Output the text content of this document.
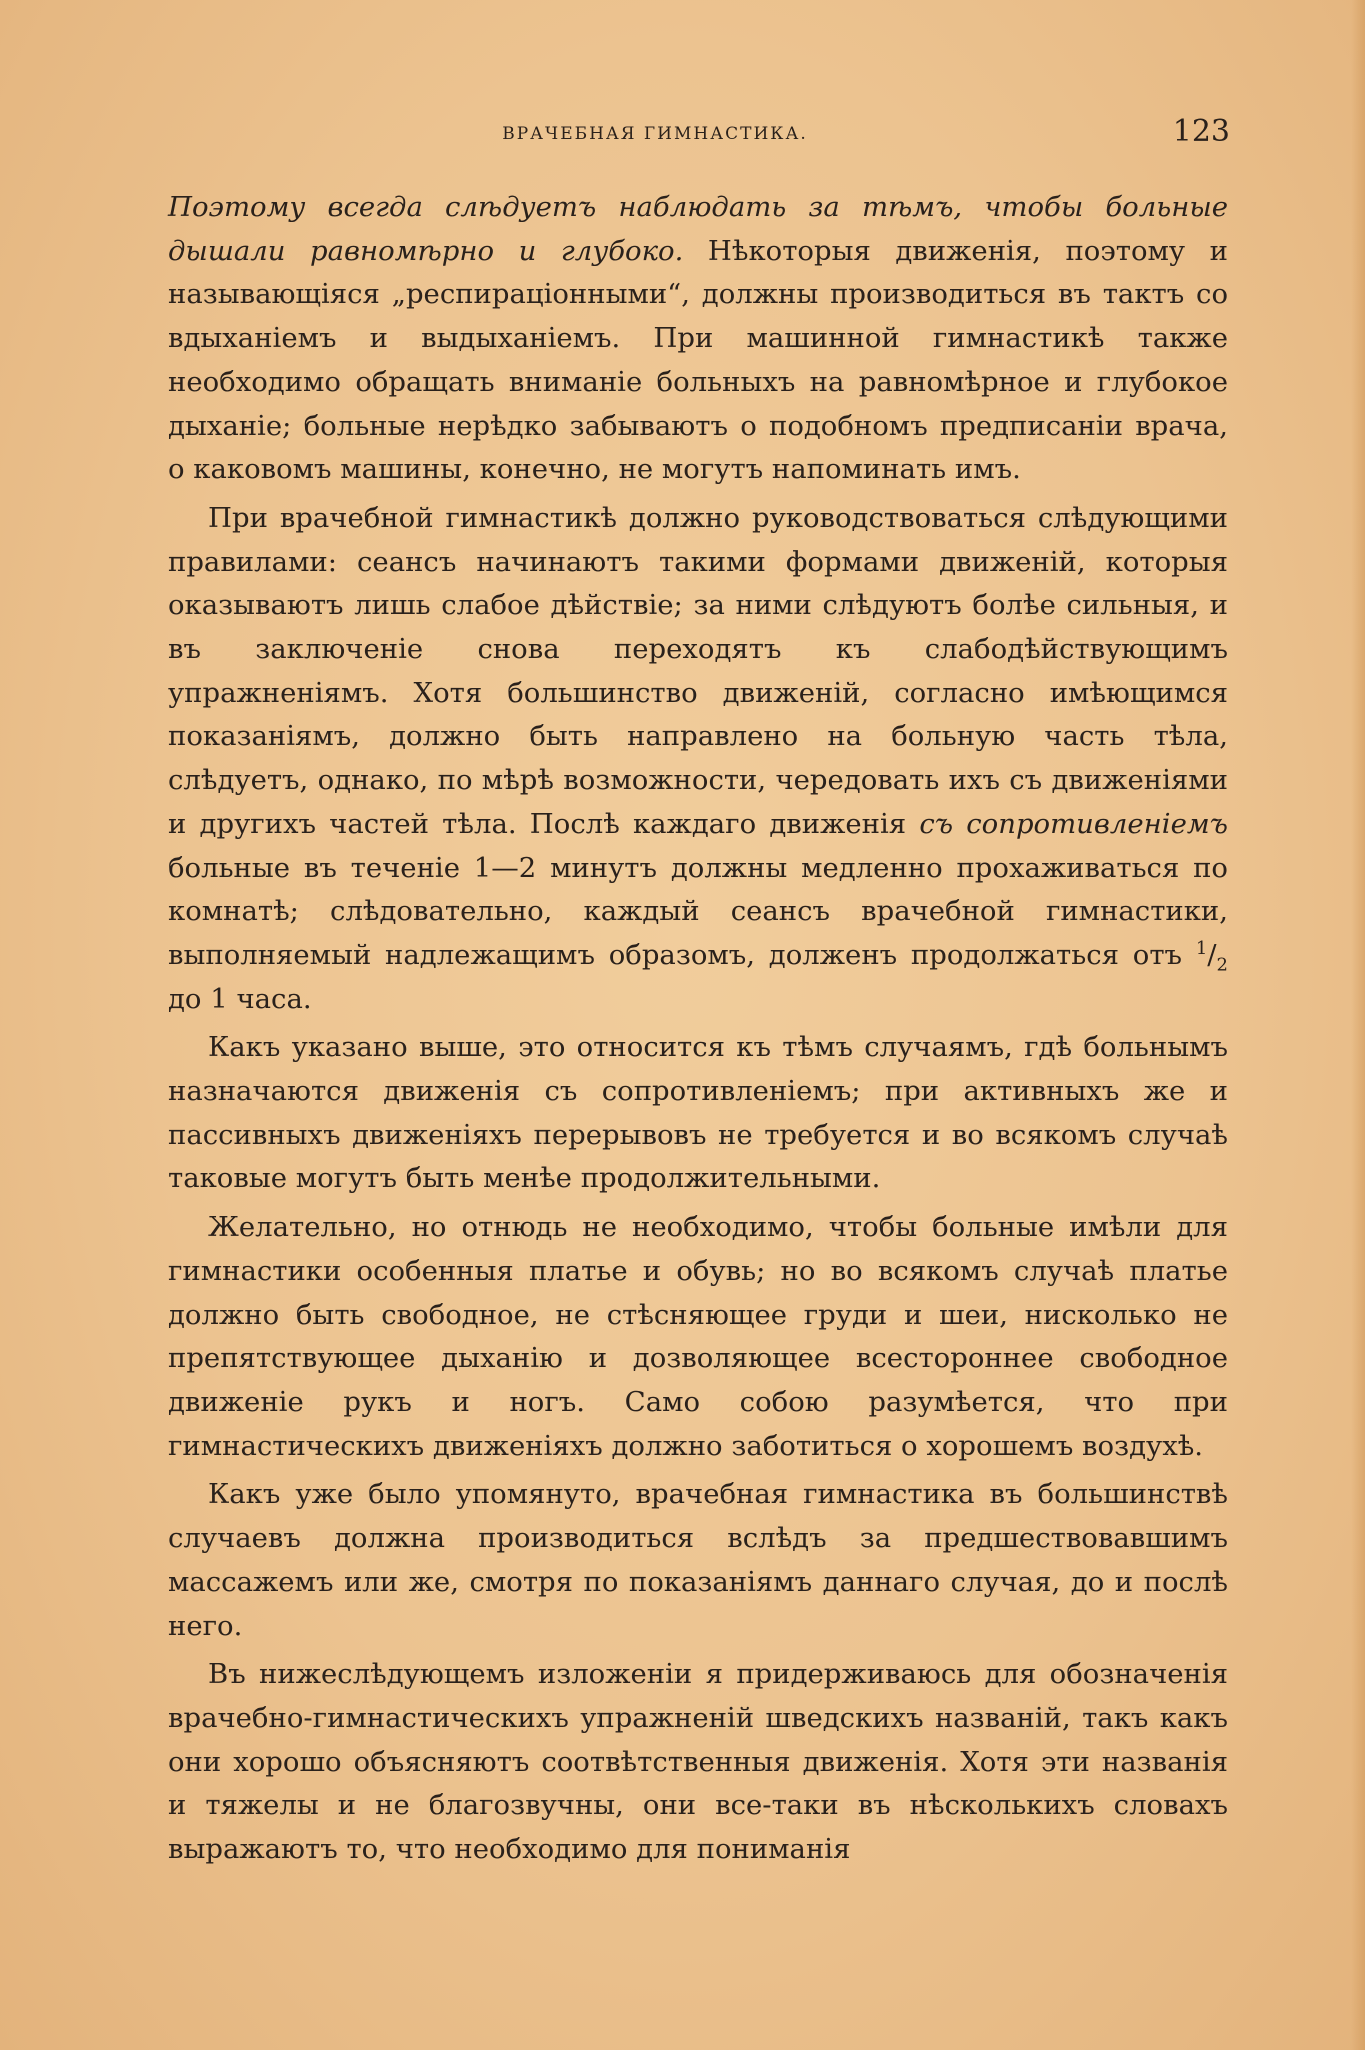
ВРАЧЕБНАЯ ГИМНАСТИКА.	123

Поэтому всегда слѣдуетъ наблюдать за тѣмъ, чтобы больные дышали равномѣрно и глубоко. Нѣкоторыя движенія, поэтому и называющіяся „респираціонными“, должны производиться въ тактъ со вдыханіемъ и выдыханіемъ. При машинной гимнастикѣ также необходимо обращать вниманіе больныхъ на равномѣрное и глубокое дыханіе; больные нерѣдко забываютъ о подобномъ предписаніи врача, о каковомъ машины, конечно, не могутъ напоминать имъ.

При врачебной гимнастикѣ должно руководствоваться слѣдующими правилами: сеансъ начинаютъ такими формами движеній, которыя оказываютъ лишь слабое дѣйствіе; за ними слѣдуютъ болѣе сильныя, и въ заключеніе снова переходятъ къ слабодѣйствующимъ упражненіямъ. Хотя большинство движеній, согласно имѣющимся показаніямъ, должно быть направлено на больную часть тѣла, слѣдуетъ, однако, по мѣрѣ возможности, чередовать ихъ съ движеніями и другихъ частей тѣла. Послѣ каждаго движенія съ сопротивленіемъ больные въ теченіе 1—2 минутъ должны медленно прохаживаться по комнатѣ; слѣдовательно, каждый сеансъ врачебной гимнастики, выполняемый надлежащимъ образомъ, долженъ продолжаться отъ $^1/_2$ до 1 часа.

Какъ указано выше, это относится къ тѣмъ случаямъ, гдѣ больнымъ назначаются движенія съ сопротивленіемъ; при активныхъ же и пассивныхъ движеніяхъ перерывовъ не требуется и во всякомъ случаѣ таковые могутъ быть менѣе продолжительными.

Желательно, но отнюдь не необходимо, чтобы больные имѣли для гимнастики особенныя платье и обувь; но во всякомъ случаѣ платье должно быть свободное, не стѣсняющее груди и шеи, нисколько не препятствующее дыханію и дозволяющее всестороннее свободное движеніе рукъ и ногъ. Само собою разумѣется, что при гимнастическихъ движеніяхъ должно заботиться о хорошемъ воздухѣ.

Какъ уже было упомянуто, врачебная гимнастика въ большинствѣ случаевъ должна производиться вслѣдъ за предшествовавшимъ массажемъ или же, смотря по показаніямъ даннаго случая, до и послѣ него.

Въ нижеслѣдующемъ изложеніи я придерживаюсь для обозначенія врачебно-гимнастическихъ упражненій шведскихъ названій, такъ какъ они хорошо объясняютъ соотвѣтственныя движенія. Хотя эти названія и тяжелы и не благозвучны, они все-таки въ нѣсколькихъ словахъ выражаютъ то, что необходимо для пониманія
